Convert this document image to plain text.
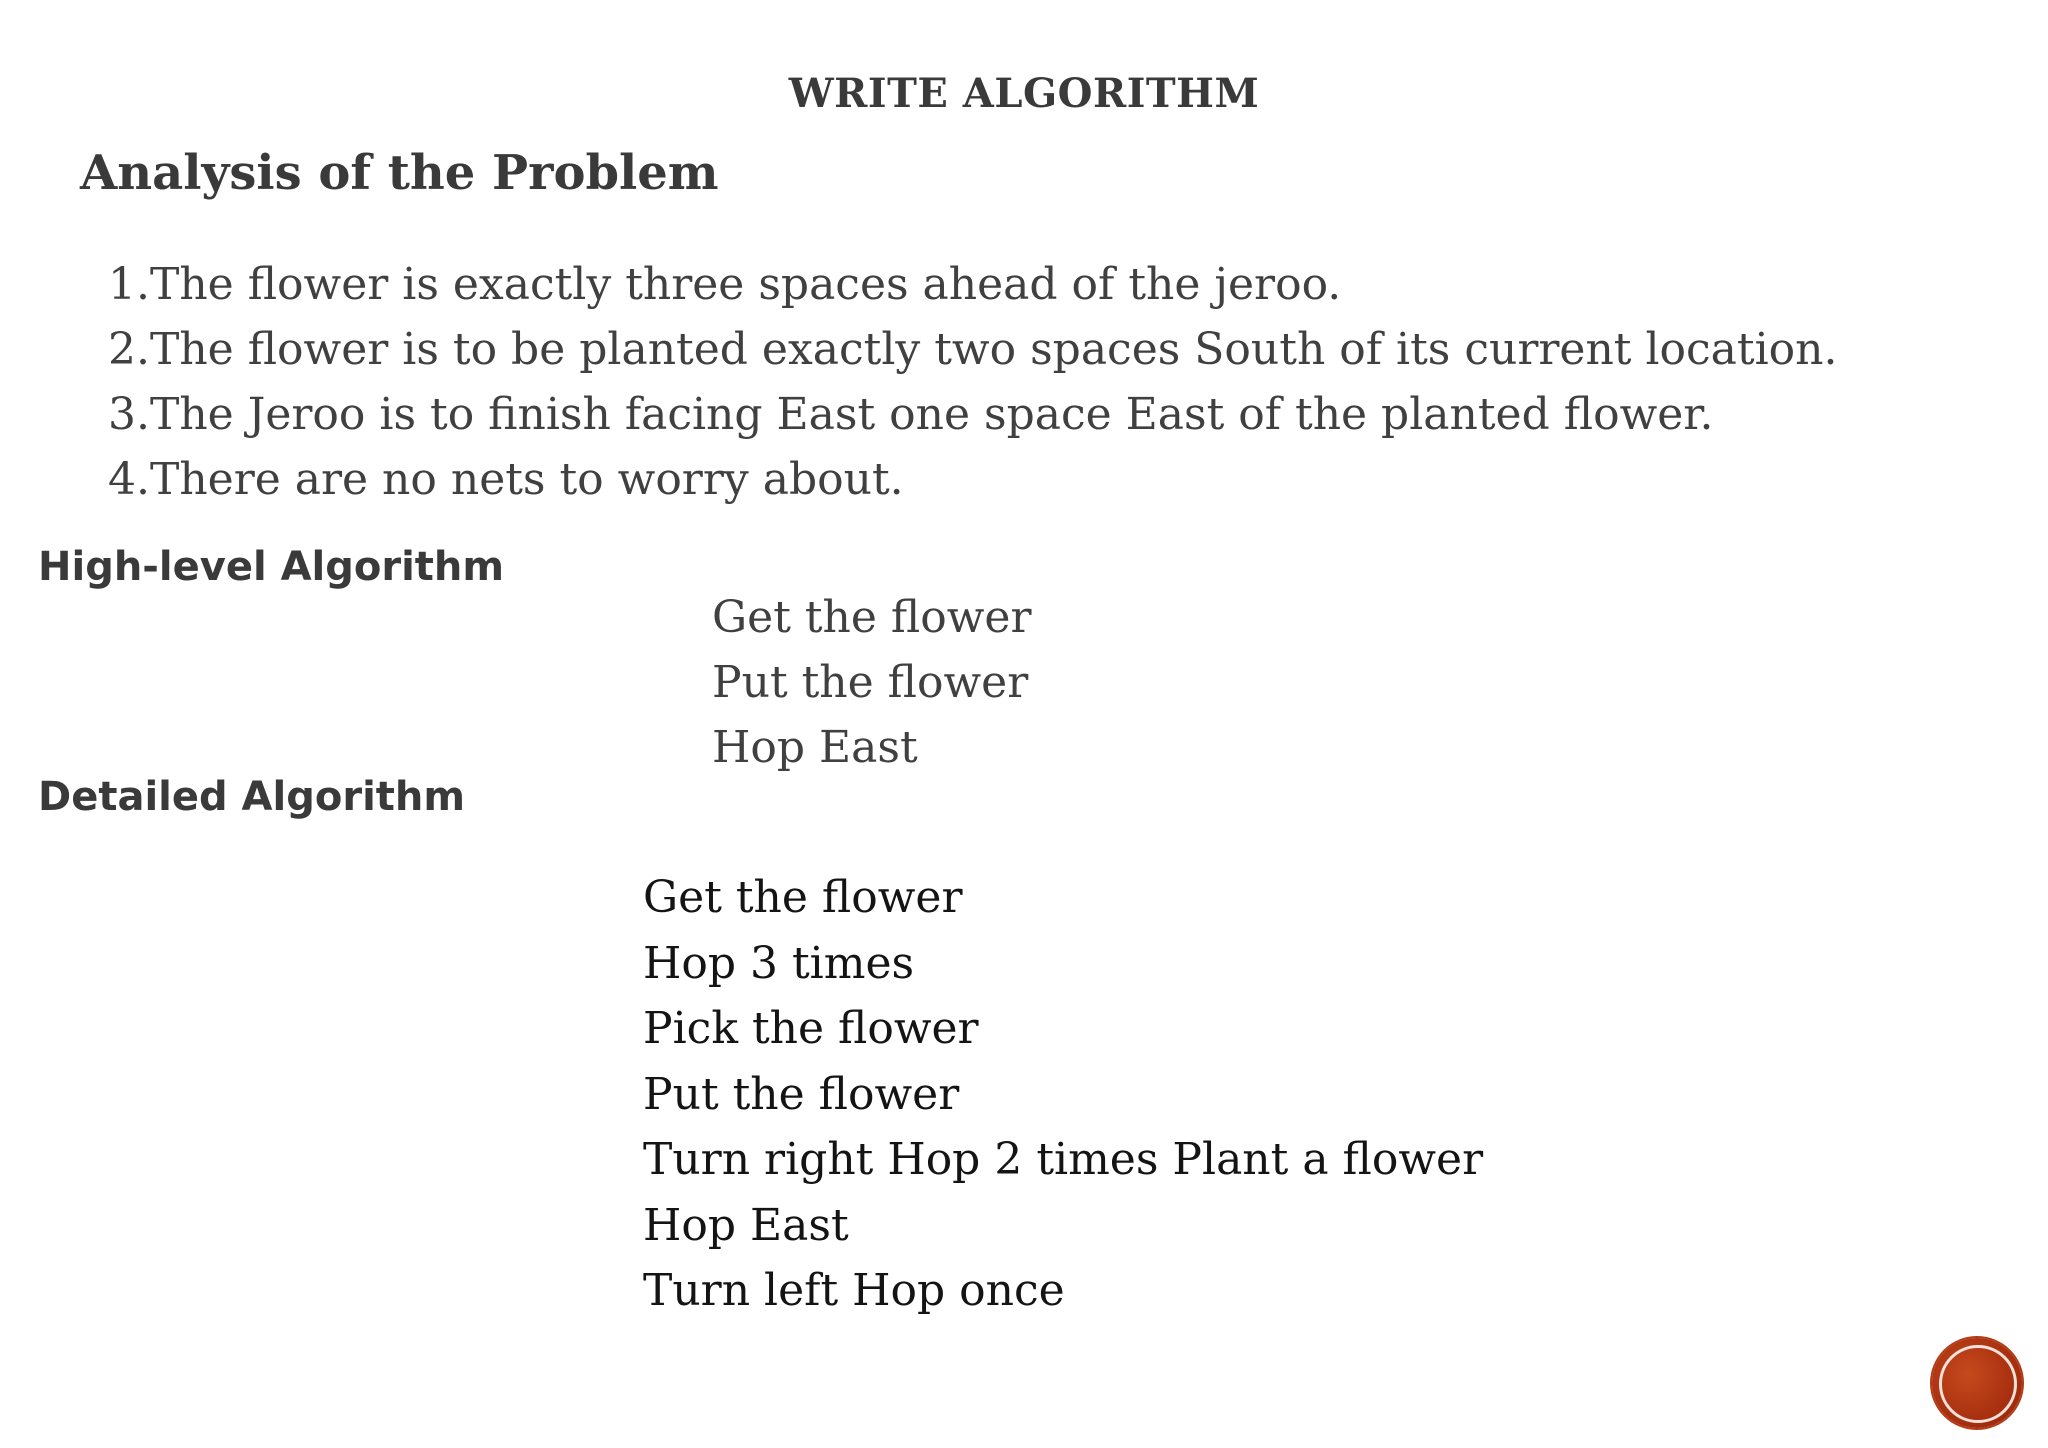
WRITE ALGORITHM
Analysis of the Problem
1.The flower is exactly three spaces ahead of the jeroo.
2.The flower is to be planted exactly two spaces South of its current location.
3.The Jeroo is to finish facing East one space East of the planted flower.
4.There are no nets to worry about.
High-level Algorithm
Get the flower
Put the flower
Hop East
Detailed Algorithm
Get the flower
Hop 3 times
Pick the flower
Put the flower
Turn right Hop 2 times Plant a flower
Hop East
Turn left Hop once
